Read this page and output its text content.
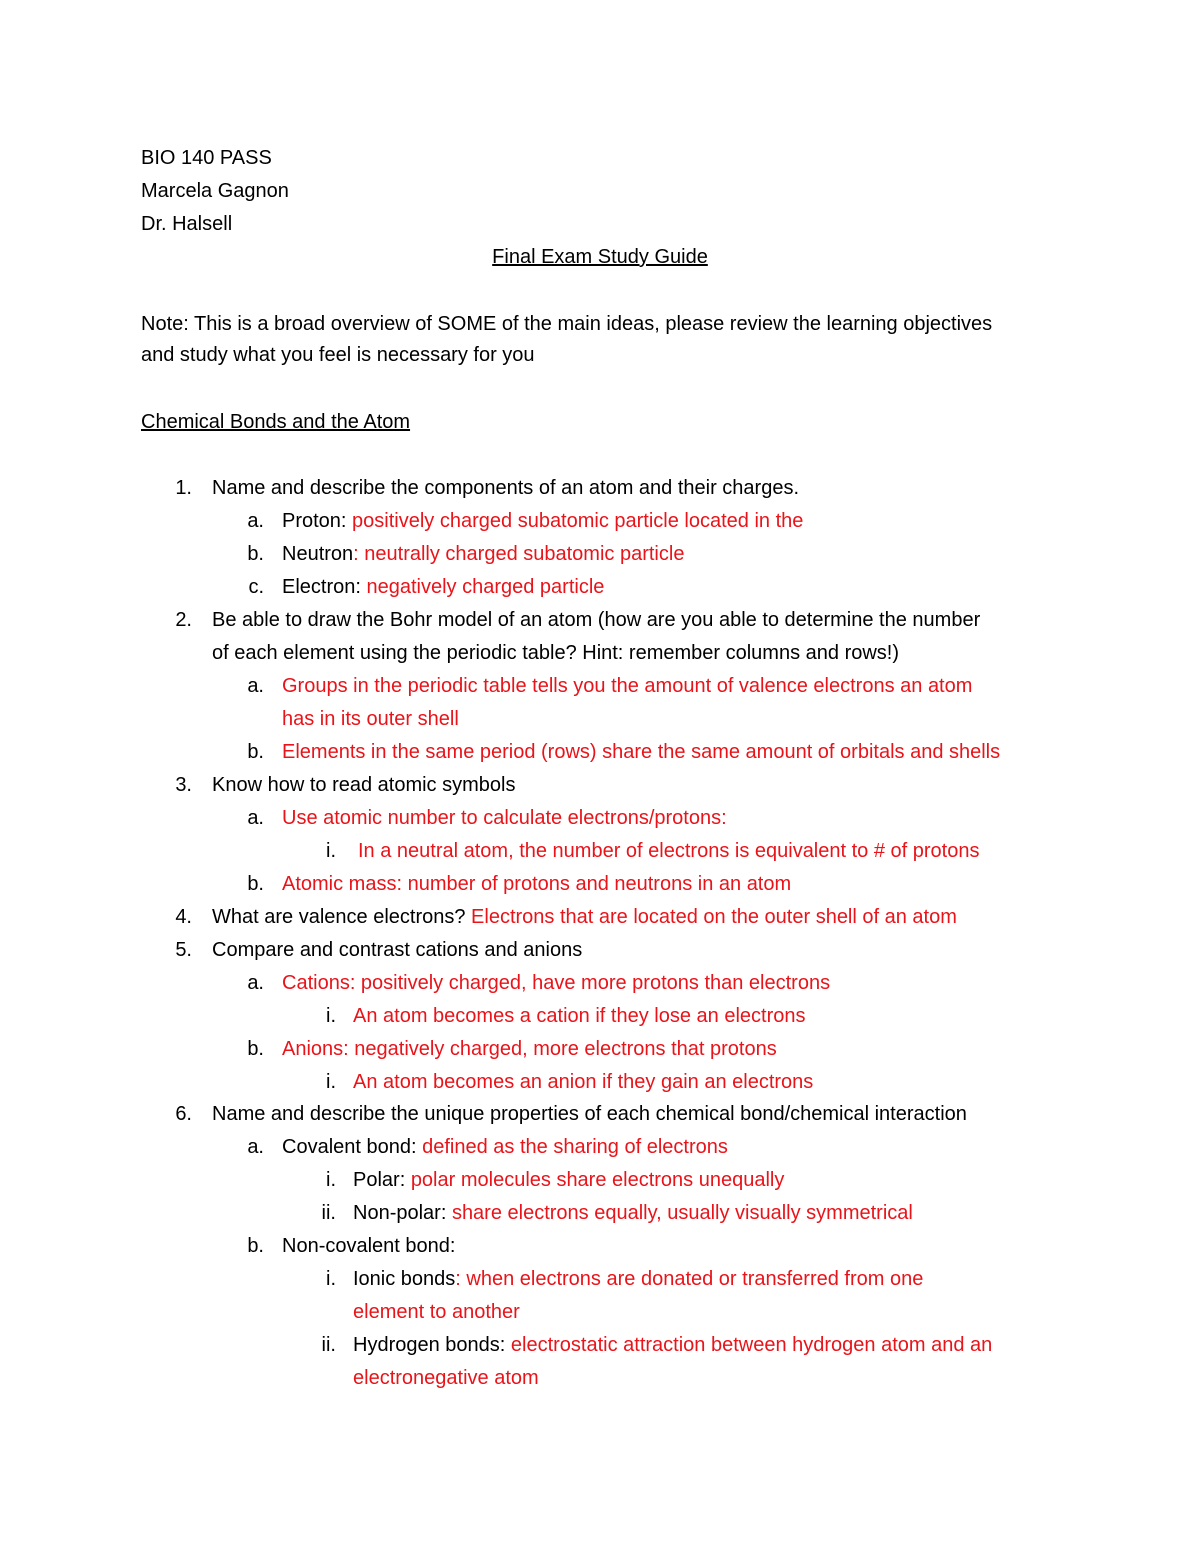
BIO 140 PASS
Marcela Gagnon
Dr. Halsell
Final Exam Study Guide
Note: This is a broad overview of SOME of the main ideas, please review the learning objectives
and study what you feel is necessary for you
Chemical Bonds and the Atom
1. Name and describe the components of an atom and their charges.
a. Proton: positively charged subatomic particle located in the
b. Neutron: neutrally charged subatomic particle
c. Electron: negatively charged particle
2. Be able to draw the Bohr model of an atom (how are you able to determine the number
of each element using the periodic table? Hint: remember columns and rows!)
a. Groups in the periodic table tells you the amount of valence electrons an atom
has in its outer shell
b. Elements in the same period (rows) share the same amount of orbitals and shells
3. Know how to read atomic symbols
a. Use atomic number to calculate electrons/protons:
i. In a neutral atom, the number of electrons is equivalent to # of protons
b. Atomic mass: number of protons and neutrons in an atom
4. What are valence electrons? Electrons that are located on the outer shell of an atom
5. Compare and contrast cations and anions
a. Cations: positively charged, have more protons than electrons
i. An atom becomes a cation if they lose an electrons
b. Anions: negatively charged, more electrons that protons
i. An atom becomes an anion if they gain an electrons
6. Name and describe the unique properties of each chemical bond/chemical interaction
a. Covalent bond: defined as the sharing of electrons
i. Polar: polar molecules share electrons unequally
ii. Non-polar: share electrons equally, usually visually symmetrical
b. Non-covalent bond:
i. Ionic bonds: when electrons are donated or transferred from one
element to another
ii. Hydrogen bonds: electrostatic attraction between hydrogen atom and an
electronegative atom
